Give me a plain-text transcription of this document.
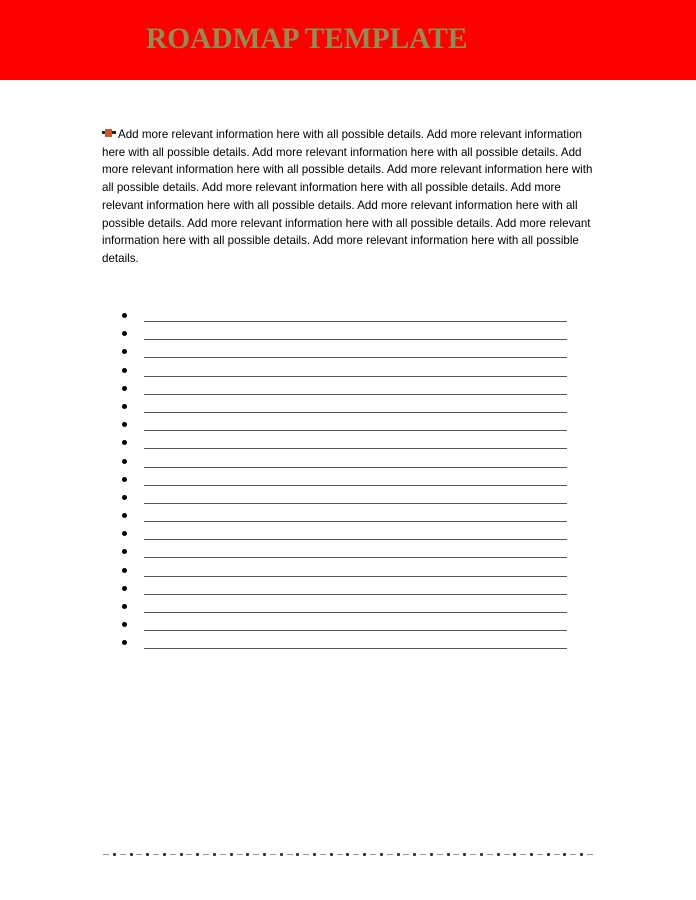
ROADMAP TEMPLATE
Add more relevant information here with all possible details. Add more relevant information here with all possible details. Add more relevant information here with all possible details. Add more relevant information here with all possible details. Add more relevant information here with all possible details. Add more relevant information here with all possible details. Add more relevant information here with all possible details. Add more relevant information here with all possible details. Add more relevant information here with all possible details. Add more relevant information here with all possible details. Add more relevant information here with all possible details.
